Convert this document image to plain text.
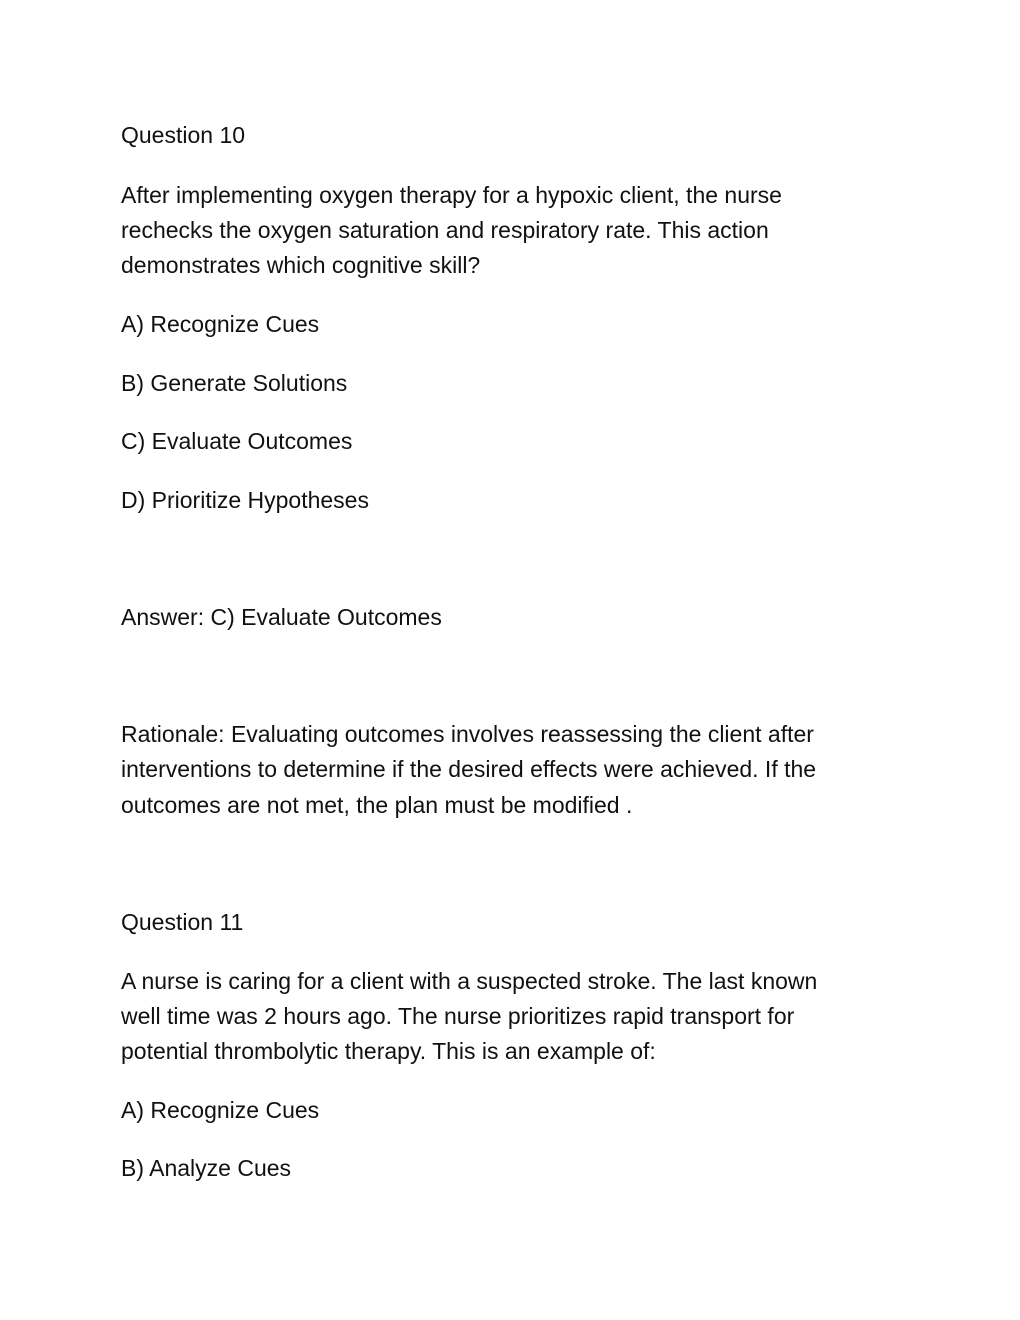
Question 10

After implementing oxygen therapy for a hypoxic client, the nurse

rechecks the oxygen saturation and respiratory rate. This action

demonstrates which cognitive skill?

A) Recognize Cues

B) Generate Solutions

C) Evaluate Outcomes

D) Prioritize Hypotheses

Answer: C) Evaluate Outcomes

Rationale: Evaluating outcomes involves reassessing the client after

interventions to determine if the desired effects were achieved. If the

outcomes are not met, the plan must be modified .

Question 11

A nurse is caring for a client with a suspected stroke. The last known

well time was 2 hours ago. The nurse prioritizes rapid transport for

potential thrombolytic therapy. This is an example of:

A) Recognize Cues

B) Analyze Cues
